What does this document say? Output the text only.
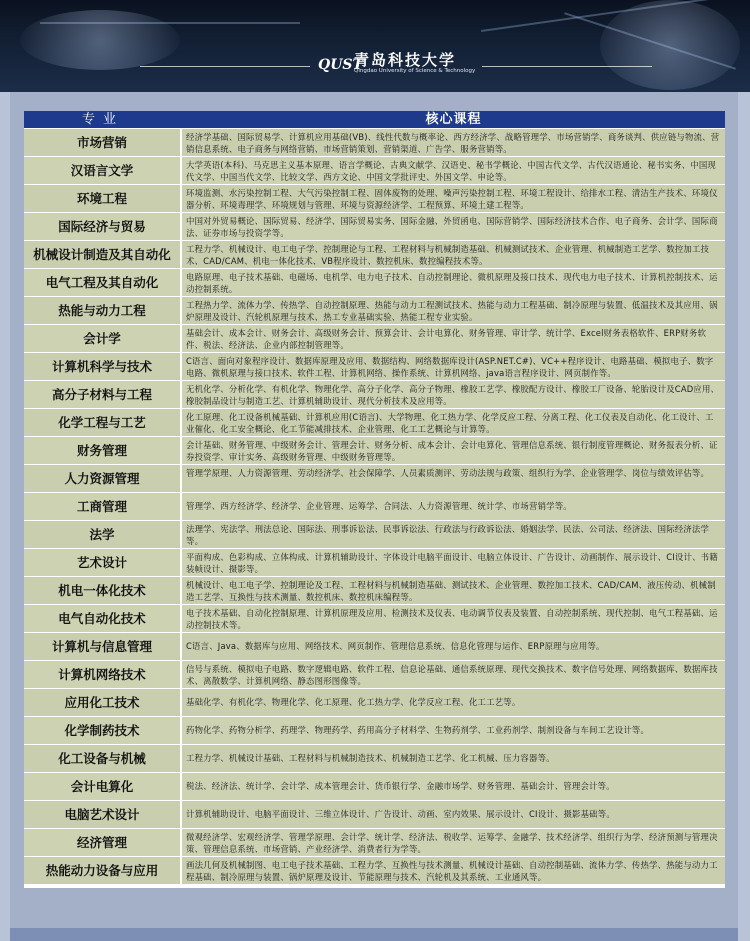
QUST
青岛科技大学
Qingdao University of Science & Technology
专业	核心课程
市场营销	经济学基础、国际贸易学、计算机应用基础(VB)、线性代数与概率论、西方经济学、战略管理学、市场营销学、商务谈判、供应链与物流、营销信息系统、电子商务与网络营销、市场营销策划、营销渠道、广告学、服务营销等。
汉语言文学	大学英语(本科)、马克思主义基本原理、语言学概论、古典文献学、汉语史、秘书学概论、中国古代文学、古代汉语通论、秘书实务、中国现代文学、中国当代文学、比较文学、西方文论、中国文学批评史、外国文学、申论等。
环境工程	环境监测、水污染控制工程、大气污染控制工程、固体废物的处理、噪声污染控制工程、环境工程设计、给排水工程、清洁生产技术、环境仪器分析、环境毒理学、环境规划与管理、环境与资源经济学、工程预算、环境土建工程等。
国际经济与贸易	中国对外贸易概论、国际贸易、经济学、国际贸易实务、国际金融、外贸函电、国际营销学、国际经济技术合作、电子商务、会计学、国际商法、证券市场与投资学等。
机械设计制造及其自动化	工程力学、机械设计、电工电子学、控制理论与工程、工程材料与机械制造基础、机械测试技术、企业管理、机械制造工艺学、数控加工技术、CAD/CAM、机电一体化技术、VB程序设计、数控机床、数控编程技术等。
电气工程及其自动化	电路原理、电子技术基础、电磁场、电机学、电力电子技术、自动控制理论、微机原理及接口技术、现代电力电子技术、计算机控制技术、运动控制系统。
热能与动力工程	工程热力学、流体力学、传热学、自动控制原理、热能与动力工程测试技术、热能与动力工程基础、制冷原理与装置、低温技术及其应用、锅炉原理及设计、汽轮机原理与技术、热工专业基础实验、热能工程专业实验。
会计学	基础会计、成本会计、财务会计、高级财务会计、预算会计、会计电算化、财务管理、审计学、统计学、Excel财务表格软件、ERP财务软件、税法、经济法、企业内部控制管理等。
计算机科学与技术	C语言、面向对象程序设计、数据库原理及应用、数据结构、网络数据库设计(ASP.NET.C#)、VC++程序设计、电路基础、模拟电子、数字电路、微机原理与接口技术、软件工程、计算机网络、操作系统、计算机网络、java语言程序设计、网页制作等。
高分子材料与工程	无机化学、分析化学、有机化学、物理化学、高分子化学、高分子物理、橡胶工艺学、橡胶配方设计、橡胶工厂设备、轮胎设计及CAD应用、橡胶制品设计与制造工艺、计算机辅助设计、现代分析技术及应用等。
化学工程与工艺	化工原理、化工设备机械基础、计算机应用(C语言)、大学物理、化工热力学、化学反应工程、分离工程、化工仪表及自动化、化工设计、工业催化、化工安全概论、化工节能减排技术、企业管理、化工工艺概论与计算等。
财务管理	会计基础、财务管理、中级财务会计、管理会计、财务分析、成本会计、会计电算化、管理信息系统、银行制度管理概论、财务报表分析、证券投资学、审计实务、高级财务管理、中级财务管理等。
人力资源管理	管理学原理、人力资源管理、劳动经济学、社会保障学、人员素质测评、劳动法规与政策、组织行为学、企业管理学、岗位与绩效评估等。
工商管理	管理学、西方经济学、经济学、企业管理、运筹学、合同法、人力资源管理、统计学、市场营销学等。
法学	法理学、宪法学、刑法总论、国际法、刑事诉讼法、民事诉讼法、行政法与行政诉讼法、婚姻法学、民法、公司法、经济法、国际经济法学等。
艺术设计	平面构成、色彩构成、立体构成、计算机辅助设计、字体设计电脑平面设计、电脑立体设计、广告设计、动画制作、展示设计、CI设计、书籍装帧设计、摄影等。
机电一体化技术	机械设计、电工电子学、控制理论及工程、工程材料与机械制造基础、测试技术、企业管理、数控加工技术、CAD/CAM、液压传动、机械制造工艺学、互换性与技术测量、数控机床、数控机床编程等。
电气自动化技术	电子技术基础、自动化控制原理、计算机原理及应用、检测技术及仪表、电动调节仪表及装置、自动控制系统、现代控制、电气工程基础、运动控制技术等。
计算机与信息管理	C语言、Java、数据库与应用、网络技术、网页制作、管理信息系统、信息化管理与运作、ERP原理与应用等。
计算机网络技术	信号与系统、模拟电子电路、数字逻辑电路、软件工程、信息论基础、通信系统原理、现代交换技术、数字信号处理、网络数据库、数据库技术、离散数学、计算机网络、静态图形图像等。
应用化工技术	基础化学、有机化学、物理化学、化工原理、化工热力学、化学反应工程、化工工艺等。
化学制药技术	药物化学、药物分析学、药理学、物理药学、药用高分子材料学、生物药剂学、工业药剂学、制剂设备与车间工艺设计等。
化工设备与机械	工程力学、机械设计基础、工程材料与机械制造技术、机械制造工艺学、化工机械、压力容器等。
会计电算化	税法、经济法、统计学、会计学、成本管理会计、货币银行学、金融市场学、财务管理、基础会计、管理会计等。
电脑艺术设计	计算机辅助设计、电脑平面设计、三维立体设计、广告设计、动画、室内效果、展示设计、CI设计、摄影基础等。
经济管理	微观经济学、宏观经济学、管理学原理、会计学、统计学、经济法、税收学、运筹学、金融学、技术经济学、组织行为学、经济预测与管理决策、管理信息系统、市场营销、产业经济学、消费者行为学等。
热能动力设备与应用	画法几何及机械制图、电工电子技术基础、工程力学、互换性与技术测量、机械设计基础、自动控制基础、流体力学、传热学、热能与动力工程基础、制冷原理与装置、锅炉原理及设计、节能原理与技术、汽轮机及其系统、工业通风等。
